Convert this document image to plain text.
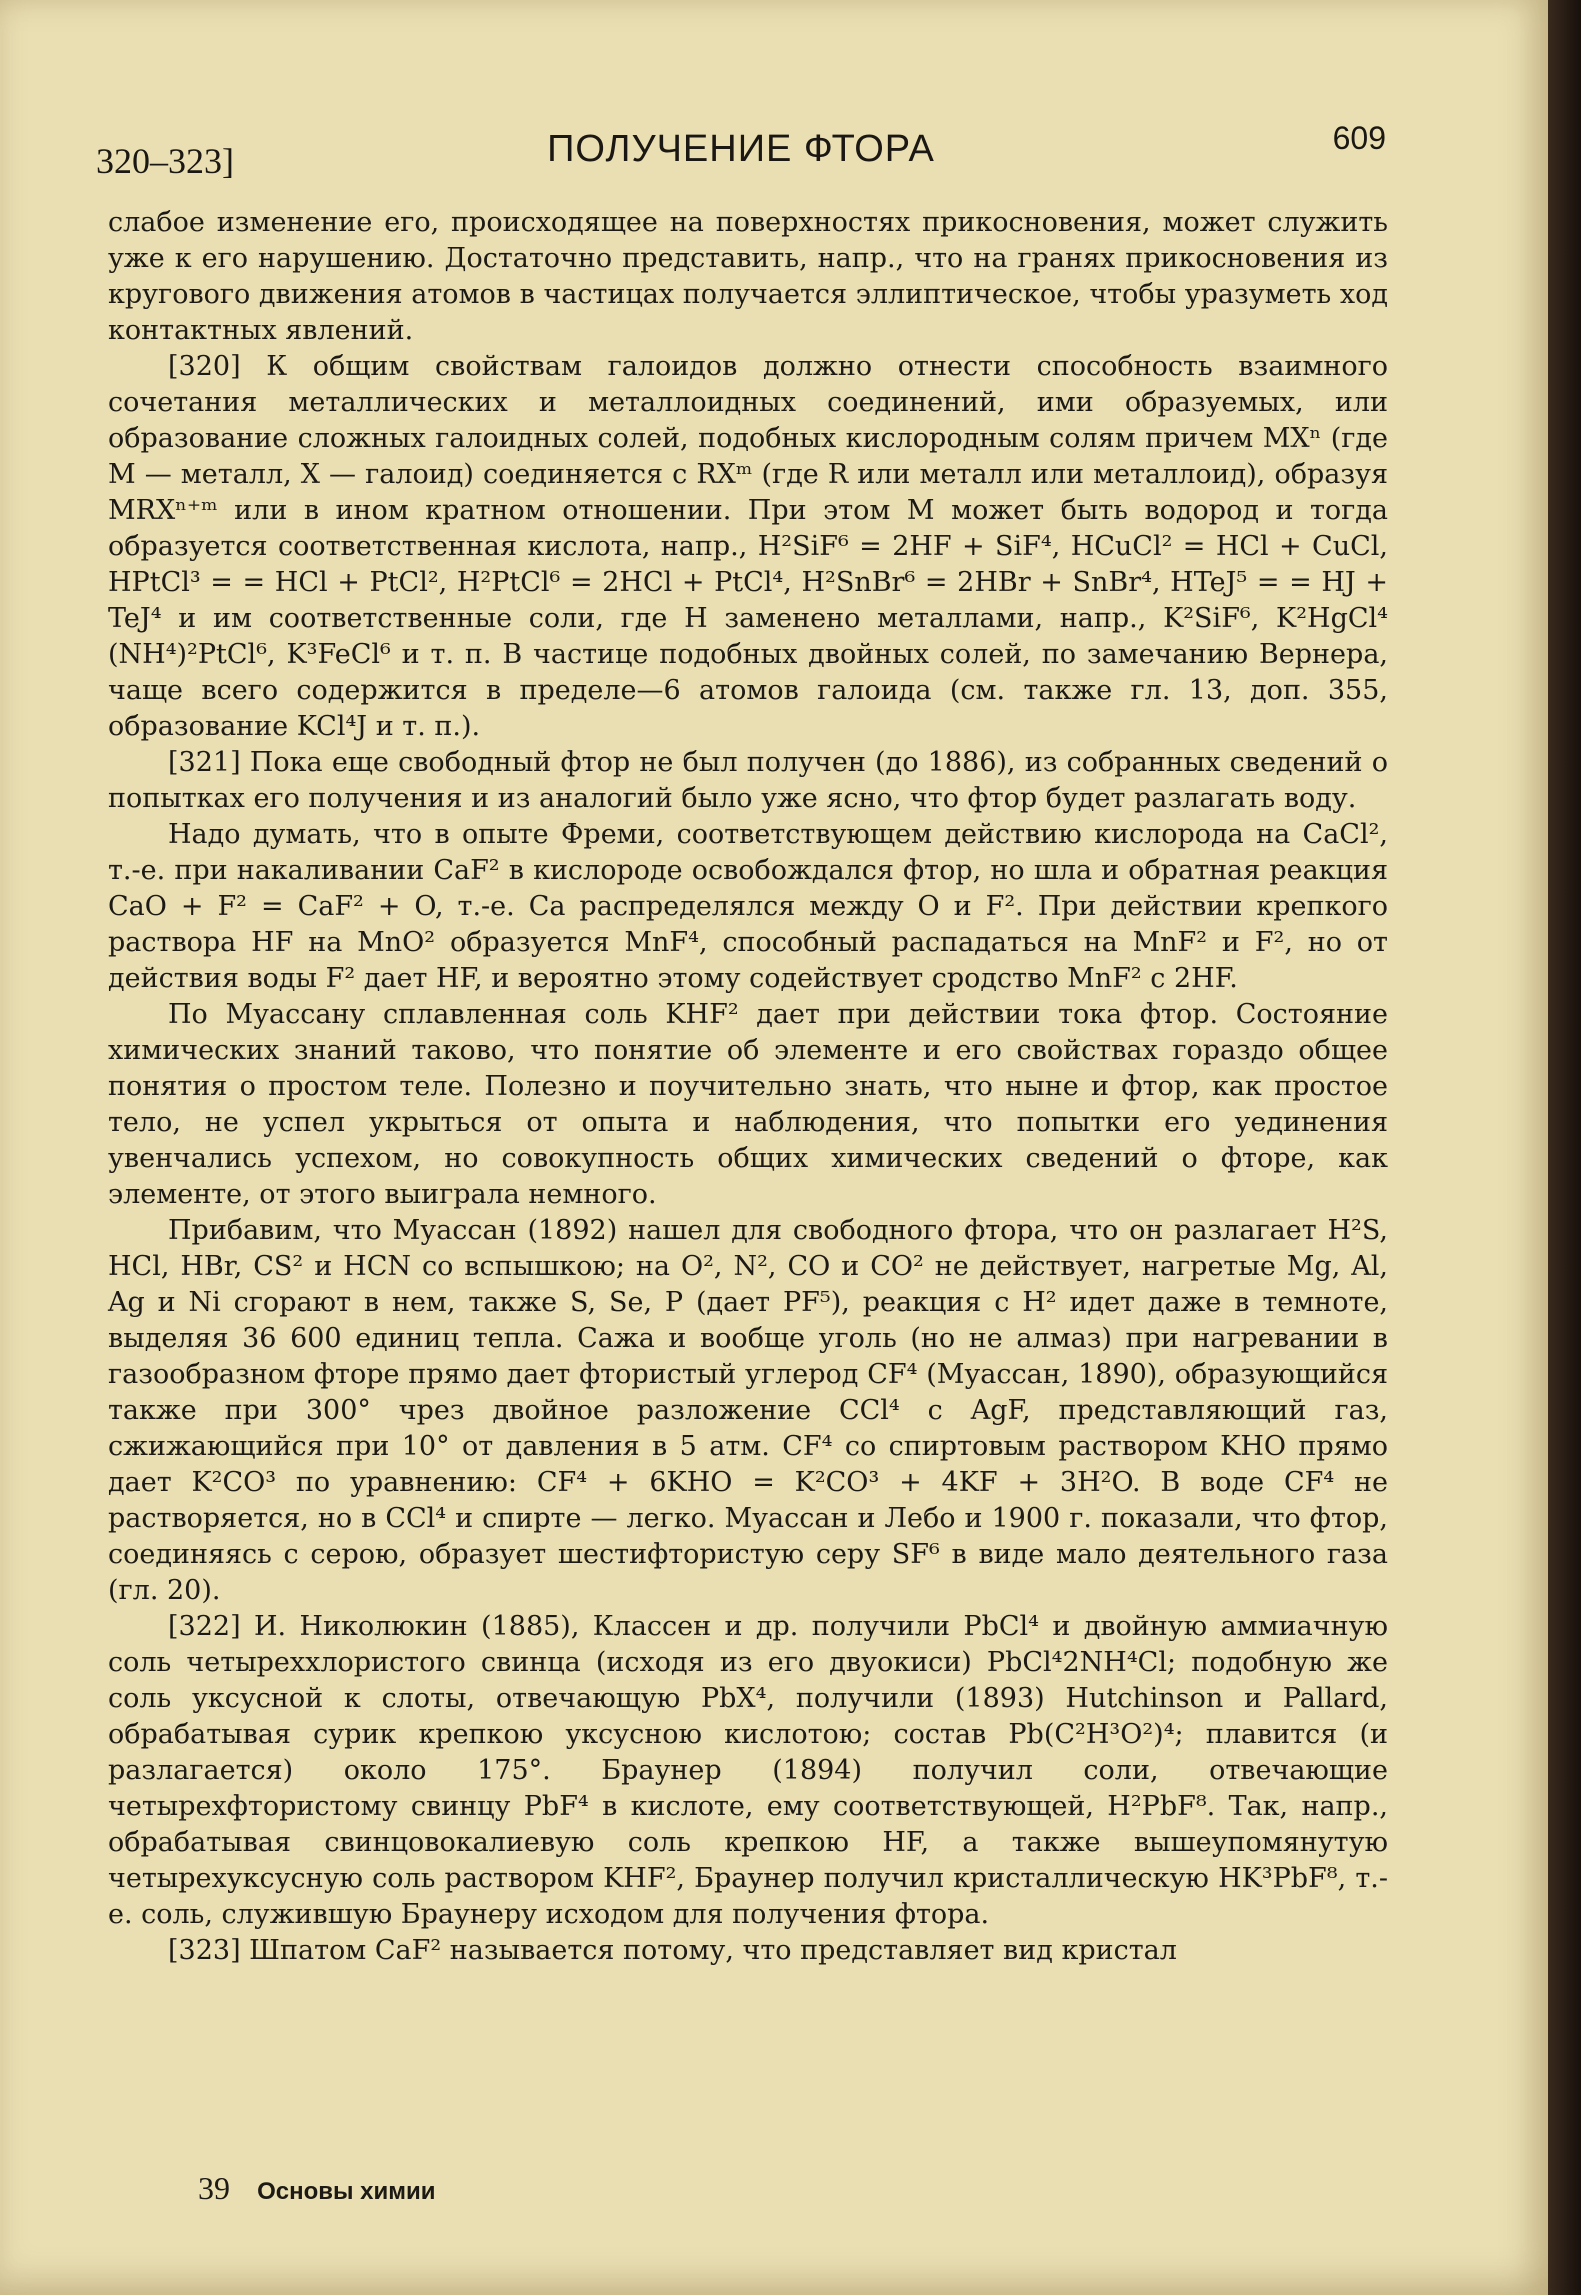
320–323]	ПОЛУЧЕНИЕ ФТОРА	609

слабое изменение его, происходящее на поверхностях прикосновения, может служить уже к его нарушению. Достаточно представить, напр., что на гранях прикосновения из кругового движения атомов в частицах получается эллиптическое, чтобы уразуметь ход контактных явлений.

[320] К общим свойствам галоидов должно отнести способность взаимного сочетания металлических и металлоидных соединений, ими образуемых, или образование сложных галоидных солей, подобных кислородным солям причем MXⁿ (где M — металл, X — галоид) соединяется с RXᵐ (где R или металл или металлоид), образуя MRXⁿ⁺ᵐ или в ином кратном отношении. При этом M может быть водород и тогда образуется соответственная кислота, напр., H²SiF⁶ = 2HF + SiF⁴, HCuCl² = HCl + CuCl, HPtCl³ = = HCl + PtCl², H²PtCl⁶ = 2HCl + PtCl⁴, H²SnBr⁶ = 2HBr + SnBr⁴, HTeJ⁵ = = HJ + TeJ⁴ и им соответственные соли, где H заменено металлами, напр., K²SiF⁶, K²HgCl⁴ (NH⁴)²PtCl⁶, K³FeCl⁶ и т. п. В частице подобных двойных солей, по замечанию Вернера, чаще всего содержится в пределе—6 атомов галоида (см. также гл. 13, доп. 355, образование KCl⁴J и т. п.).

[321] Пока еще свободный фтор не был получен (до 1886), из собранных сведений о попытках его получения и из аналогий было уже ясно, что фтор будет разлагать воду.

Надо думать, что в опыте Фреми, соответствующем действию кислорода на CaCl², т.-е. при накаливании CaF² в кислороде освобождался фтор, но шла и обратная реакция CaO + F² = CaF² + O, т.-е. Ca распределялся между O и F². При действии крепкого раствора HF на MnO² образуется MnF⁴, способный распадаться на MnF² и F², но от действия воды F² дает HF, и вероятно этому содействует сродство MnF² с 2HF.

По Муассану сплавленная соль KHF² дает при действии тока фтор. Состояние химических знаний таково, что понятие об элементе и его свойствах гораздо общее понятия о простом теле. Полезно и поучительно знать, что ныне и фтор, как простое тело, не успел укрыться от опыта и наблюдения, что попытки его уединения увенчались успехом, но совокупность общих химических сведений о фторе, как элементе, от этого выиграла немного.

Прибавим, что Муассан (1892) нашел для свободного фтора, что он разлагает H²S, HCl, HBr, CS² и HCN со вспышкою; на O², N², CO и CO² не действует, нагретые Mg, Al, Ag и Ni сгорают в нем, также S, Se, P (дает PF⁵), реакция с H² идет даже в темноте, выделяя 36 600 единиц тепла. Сажа и вообще уголь (но не алмаз) при нагревании в газообразном фторе прямо дает фтористый углерод CF⁴ (Муассан, 1890), образующийся также при 300° чрез двойное разложение CCl⁴ с AgF, представляющий газ, сжижающийся при 10° от давления в 5 атм. CF⁴ со спиртовым раствором KHO прямо дает K²CO³ по уравнению: CF⁴ + 6KHO = K²CO³ + 4KF + 3H²O. В воде CF⁴ не растворяется, но в CCl⁴ и спирте — легко. Муассан и Лебо и 1900 г. показали, что фтор, соединяясь с серою, образует шестифтористую серу SF⁶ в виде мало деятельного газа (гл. 20).

[322] И. Николюкин (1885), Классен и др. получили PbCl⁴ и двойную аммиачную соль четыреххлористого свинца (исходя из его двуокиси) PbCl⁴2NH⁴Cl; подобную же соль уксусной к слоты, отвечающую PbX⁴, получили (1893) Hutchinson и Pallard, обрабатывая сурик крепкою уксусною кислотою; состав Pb(C²H³O²)⁴; плавится (и разлагается) около 175°. Браунер (1894) получил соли, отвечающие четырехфтористому свинцу PbF⁴ в кислоте, ему соответствующей, H²PbF⁸. Так, напр., обрабатывая свинцовокалиевую соль крепкою HF, а также вышеупомянутую четырехуксусную соль раствором KHF², Браунер получил кристаллическую HK³PbF⁸, т.-е. соль, служившую Браунеру исходом для получения фтора.

[323] Шпатом CaF² называется потому, что представляет вид кристал

39 Основы химии
